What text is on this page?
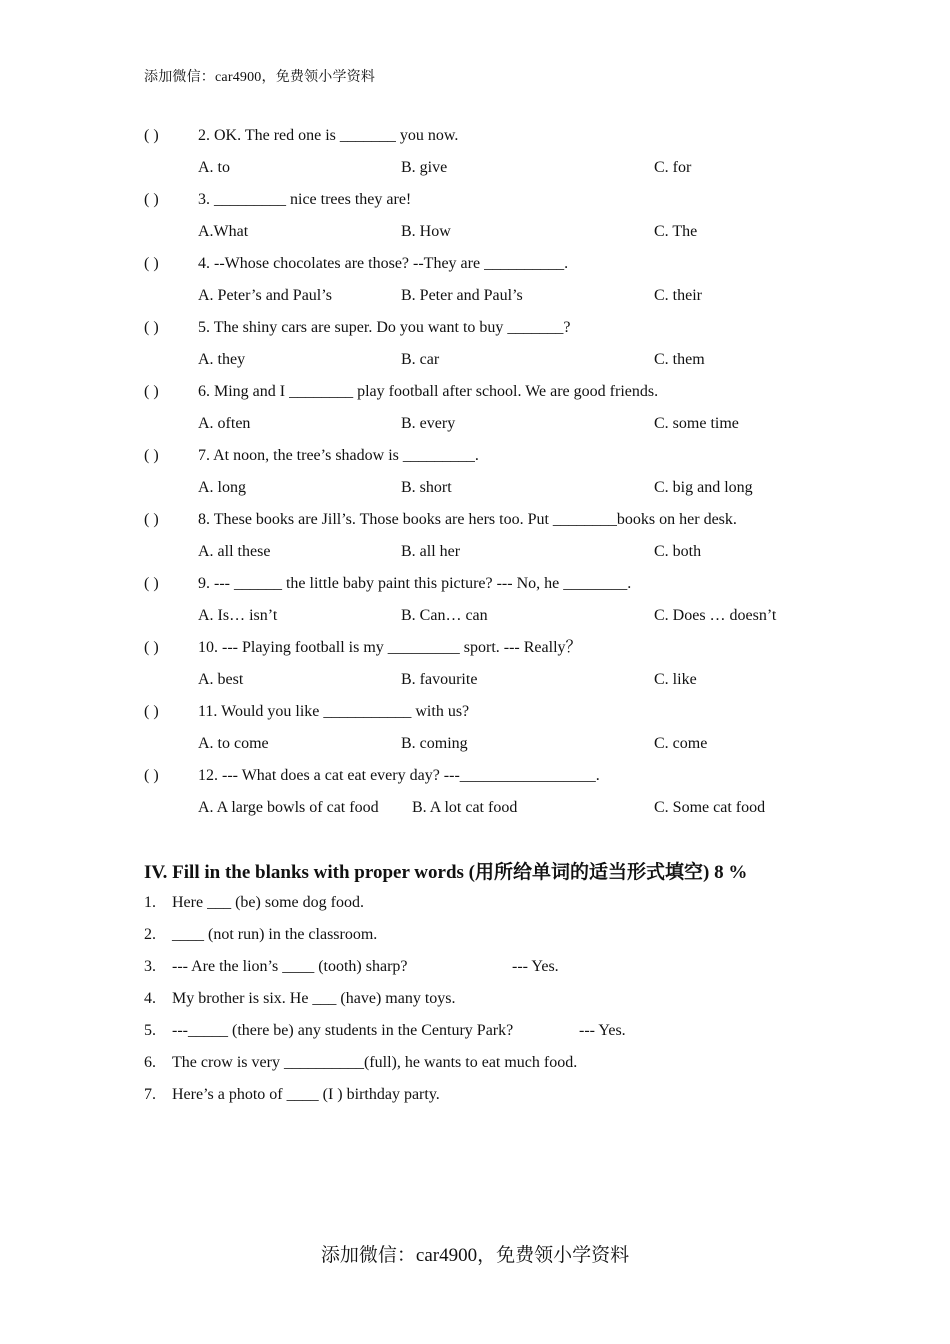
添加微信：car4900，免费领小学资料
( ) 2. OK. The red one is _______ you now.
A. to	B. give	C. for
( ) 3. _________ nice trees they are!
A.What	B. How	C. The
( ) 4. --Whose chocolates are those? --They are __________.
A. Peter’s and Paul’s	B. Peter and Paul’s	C. their
( ) 5. The shiny cars are super. Do you want to buy _______?
A. they	B. car	C. them
( ) 6. Ming and I ________ play football after school. We are good friends.
A. often	B. every	C. some time
( ) 7. At noon, the tree’s shadow is _________.
A. long	B. short	C. big and long
( ) 8. These books are Jill’s. Those books are hers too. Put ________books on her desk.
A. all these	B. all her	C. both
( ) 9. --- ______ the little baby paint this picture? --- No, he ________.
A. Is… isn’t	B. Can… can	C. Does … doesn’t
( ) 10. --- Playing football is my _________ sport. --- Really？
A. best	B. favourite	C. like
( ) 11. Would you like ___________ with us?
A. to come	B. coming	C. come
( ) 12. --- What does a cat eat every day? ---_________________.
A. A large bowls of cat food B. A lot cat food	C. Some cat food
IV. Fill in the blanks with proper words (用所给单词的适当形式填空) 8 %
1. Here ___ (be) some dog food.
2. ____ (not run) in the classroom.
3. --- Are the lion’s ____ (tooth) sharp?	--- Yes.
4. My brother is six. He ___ (have) many toys.
5. ---_____ (there be) any students in the Century Park?	--- Yes.
6. The crow is very __________(full), he wants to eat much food.
7. Here’s a photo of ____ (I ) birthday party.
添加微信：car4900，免费领小学资料
